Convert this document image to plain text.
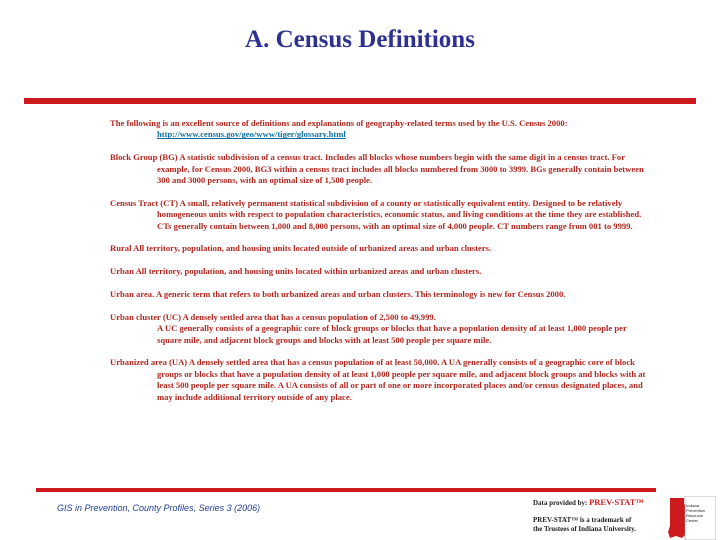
A. Census Definitions
The following is an excellent source of definitions and explanations of geography-related terms used by the U.S. Census 2000: http://www.census.gov/geo/www/tiger/glossary.html
Block Group (BG) A statistic subdivision of a census tract. Includes all blocks whose numbers begin with the same digit in a census tract. For example, for Census 2000, BG3 within a census tract includes all blocks numbered from 3000 to 3999. BGs generally contain between 300 and 3000 persons, with an optimal size of 1,500 people.
Census Tract (CT) A small, relatively permanent statistical subdivision of a county or statistically equivalent entity. Designed to be relatively homogeneous units with respect to population characteristics, economic status, and living conditions at the time they are established. CTs generally contain between 1,000 and 8,000 persons, with an optimal size of 4,000 people. CT numbers range from 001 to 9999.
Rural All territory, population, and housing units located outside of urbanized areas and urban clusters.
Urban All territory, population, and housing units located within urbanized areas and urban clusters.
Urban area. A generic term that refers to both urbanized areas and urban clusters. This terminology is new for Census 2000.
Urban cluster (UC) A densely settled area that has a census population of 2,500 to 49,999.
A UC generally consists of a geographic core of block groups or blocks that have a population density of at least 1,000 people per square mile, and adjacent block groups and blocks with at least 500 people per square mile.
Urbanized area (UA) A densely settled area that has a census population of at least 50,000. A UA generally consists of a geographic core of block groups or blocks that have a population density of at least 1,000 people per square mile, and adjacent block groups and blocks with at least 500 people per square mile. A UA consists of all or part of one or more incorporated places and/or census designated places, and may include additional territory outside of any place.
GIS in Prevention, County Profiles, Series 3 (2006)	Data provided by: PREV-STAT™
PREV-STAT™ is a trademark of
the Trustees of Indiana University.
Indiana
Prevention
Resource
Center
